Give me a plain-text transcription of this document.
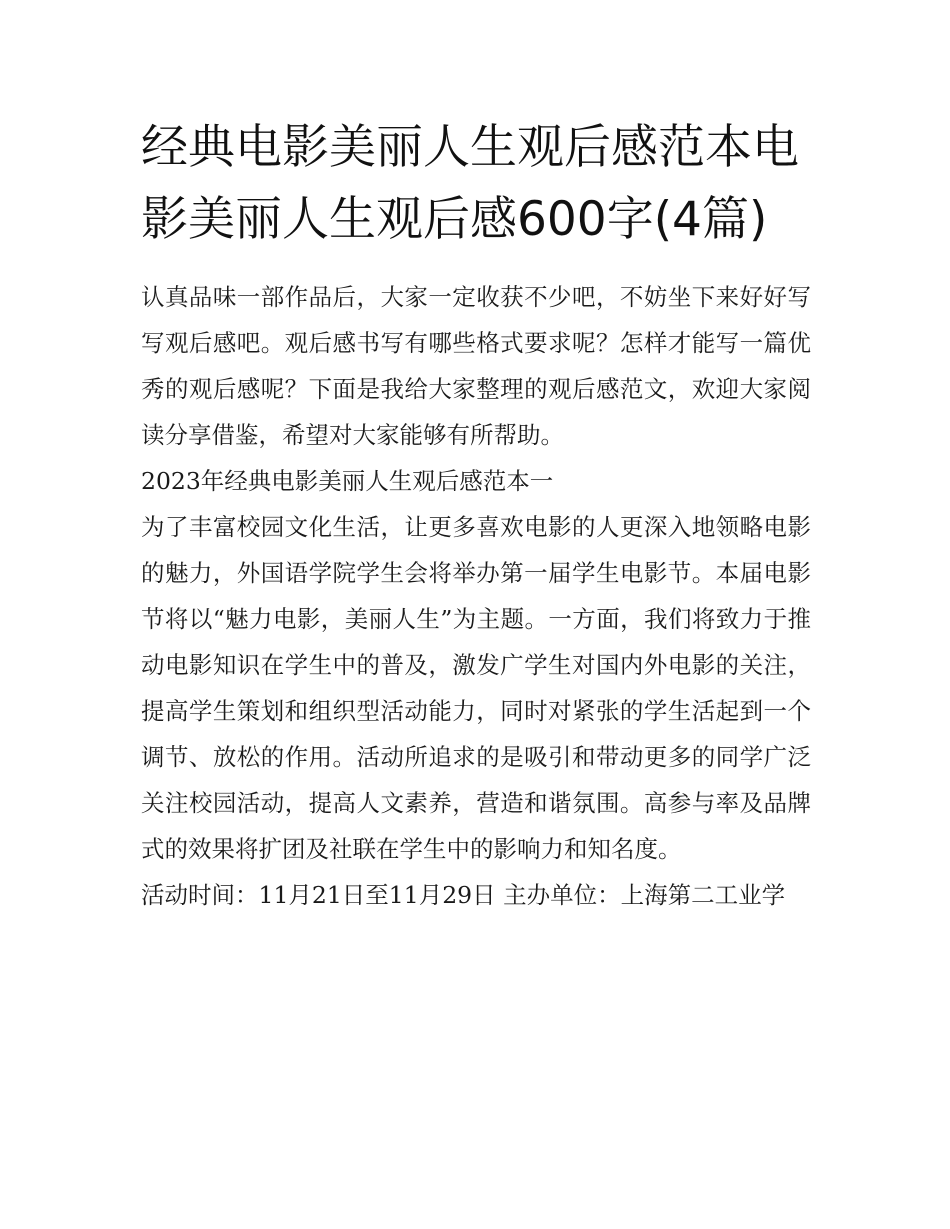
经典电影美丽人生观后感范本电影美丽人生观后感600字(4篇)

认真品味一部作品后，大家一定收获不少吧，不妨坐下来好好写写观后感吧。观后感书写有哪些格式要求呢？怎样才能写一篇优秀的观后感呢？下面是我给大家整理的观后感范文，欢迎大家阅读分享借鉴，希望对大家能够有所帮助。

2023年经典电影美丽人生观后感范本一

为了丰富校园文化生活，让更多喜欢电影的人更深入地领略电影的魅力，外国语学院学生会将举办第一届学生电影节。本届电影节将以“魅力电影，美丽人生”为主题。一方面，我们将致力于推动电影知识在学生中的普及，激发广学生对国内外电影的关注，提高学生策划和组织型活动能力，同时对紧张的学生活起到一个调节、放松的作用。活动所追求的是吸引和带动更多的同学广泛关注校园活动，提高人文素养，营造和谐氛围。高参与率及品牌式的效果将扩团及社联在学生中的影响力和知名度。

活动时间：11月21日至11月29日 主办单位：上海第二工业学
